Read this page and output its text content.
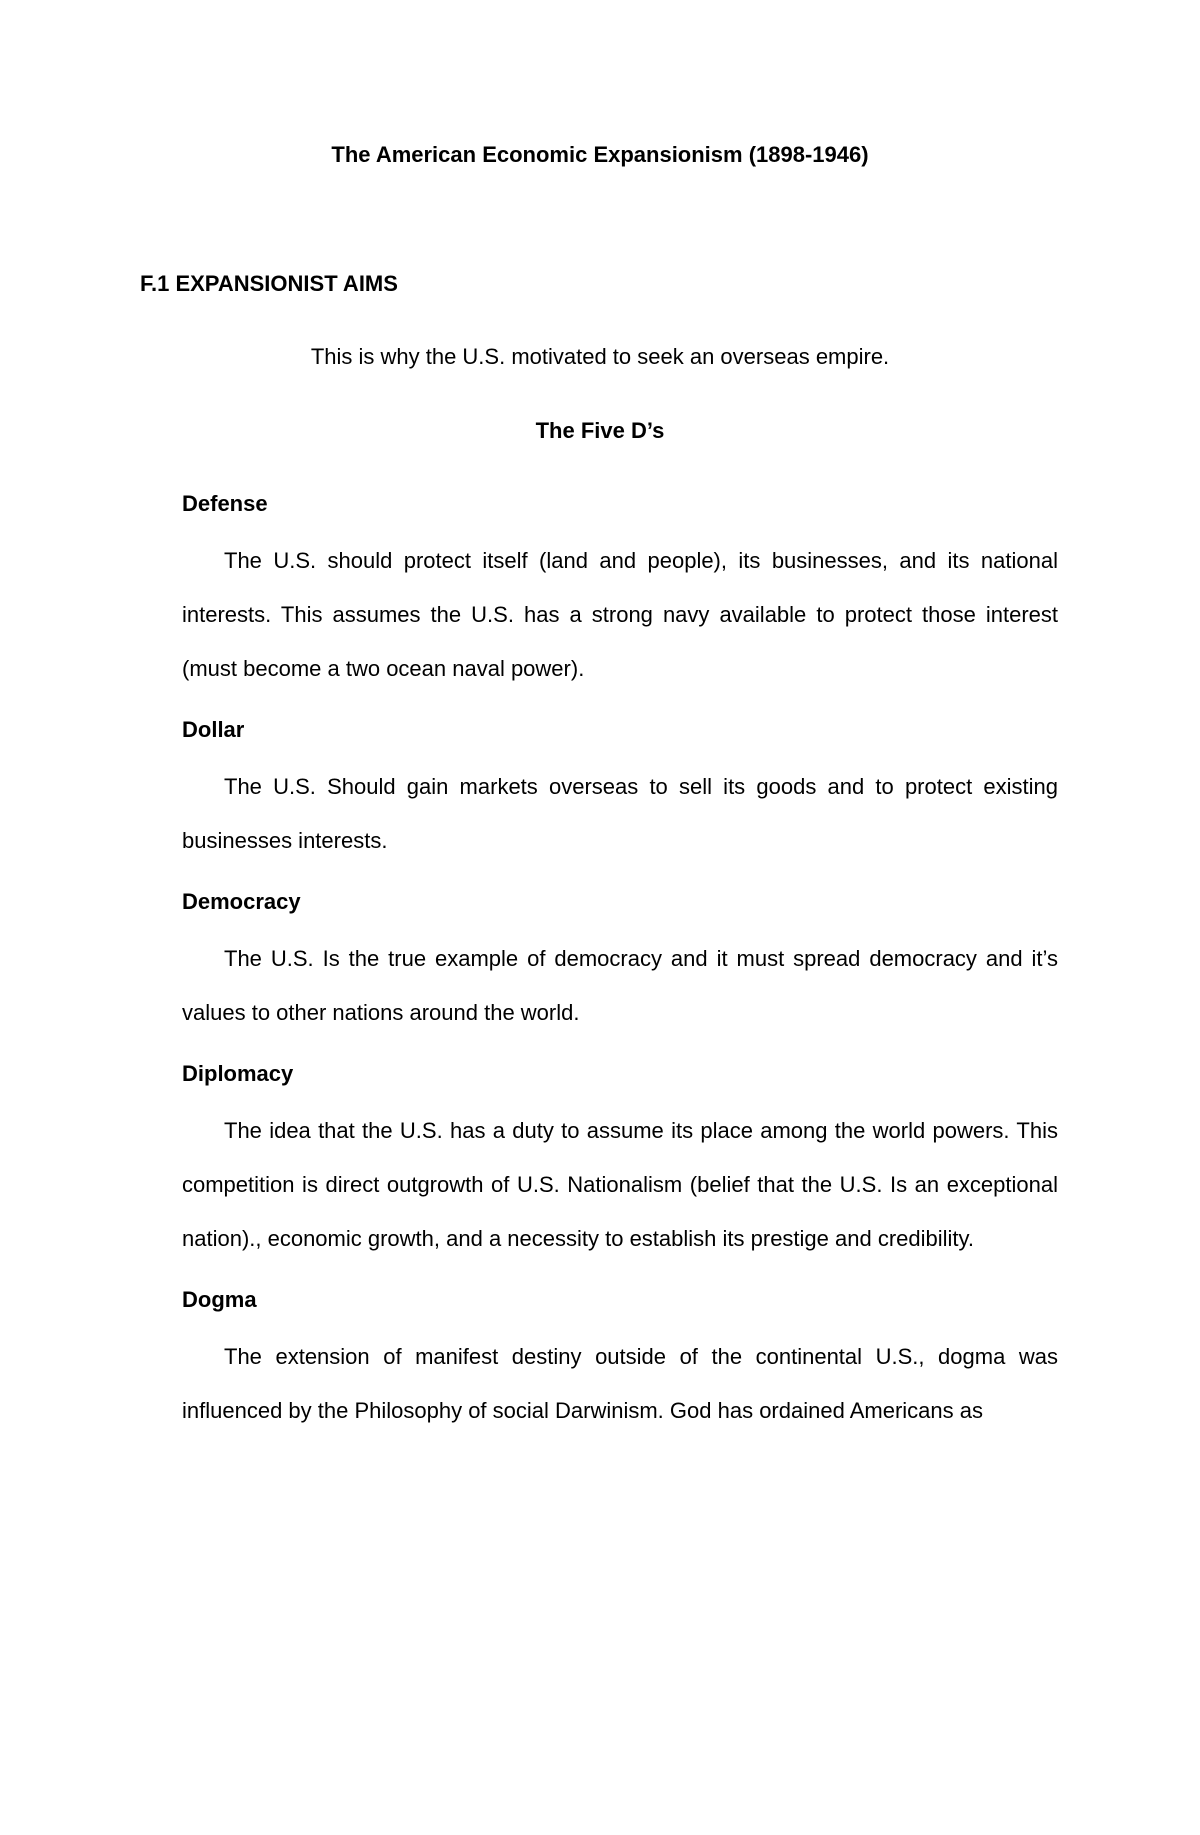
The American Economic Expansionism (1898-1946)
F.1 EXPANSIONIST AIMS

This is why the U.S. motivated to seek an overseas empire.

The Five D’s
Defense

The U.S. should protect itself (land and people), its businesses, and its national interests. This assumes the U.S. has a strong navy available to protect those interest (must become a two ocean naval power).

Dollar

The U.S. Should gain markets overseas to sell its goods and to protect existing businesses interests.

Democracy

The U.S. Is the true example of democracy and it must spread democracy and it’s values to other nations around the world.

Diplomacy

The idea that the U.S. has a duty to assume its place among the world powers. This competition is direct outgrowth of U.S. Nationalism (belief that the U.S. Is an exceptional nation)., economic growth, and a necessity to establish its prestige and credibility.

Dogma

The extension of manifest destiny outside of the continental U.S., dogma was influenced by the Philosophy of social Darwinism. God has ordained Americans as
